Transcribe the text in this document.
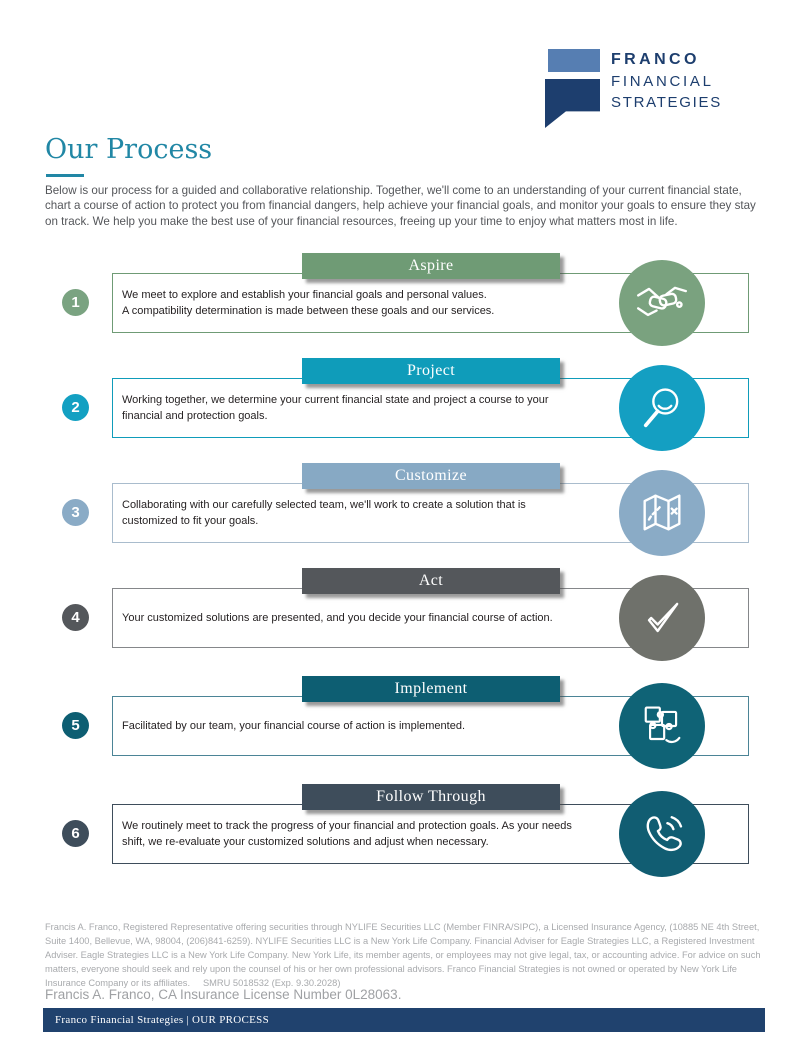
FRANCO
FINANCIAL
STRATEGIES
Our Process
Below is our process for a guided and collaborative relationship. Together, we'll come to an understanding of your current financial state, chart a course of action to protect you from financial dangers, help achieve your financial goals, and monitor your goals to ensure they stay on track. We help you make the best use of your financial resources, freeing up your time to enjoy what matters most in life.
We meet to explore and establish your financial goals and personal values.
A compatibility determination is made between these goals and our services.
Aspire
1
Working together, we determine your current financial state and project a course to your
financial and protection goals.
Project
2
Collaborating with our carefully selected team, we'll work to create a solution that is
customized to fit your goals.
Customize
3
Your customized solutions are presented, and you decide your financial course of action.
Act
4
Facilitated by our team, your financial course of action is implemented.
Implement
5
We routinely meet to track the progress of your financial and protection goals. As your needs
shift, we re-evaluate your customized solutions and adjust when necessary.
Follow Through
6
Francis A. Franco, Registered Representative offering securities through NYLIFE Securities LLC (Member FINRA/SIPC), a Licensed Insurance Agency, (10885 NE 4th Street, Suite 1400, Bellevue, WA, 98004, (206)841-6259). NYLIFE Securities LLC is a New York Life Company. Financial Adviser for Eagle Strategies LLC, a Registered Investment Adviser. Eagle Strategies LLC is a New York Life Company. New York Life, its member agents, or employees may not give legal, tax, or accounting advice. For advice on such matters, everyone should seek and rely upon the counsel of his or her own professional advisors. Franco Financial Strategies is not owned or operated by New York Life Insurance Company or its affiliates.     SMRU 5018532 (Exp. 9.30.2028)
Francis A. Franco, CA Insurance License Number 0L28063.
Franco Financial Strategies | OUR PROCESS
